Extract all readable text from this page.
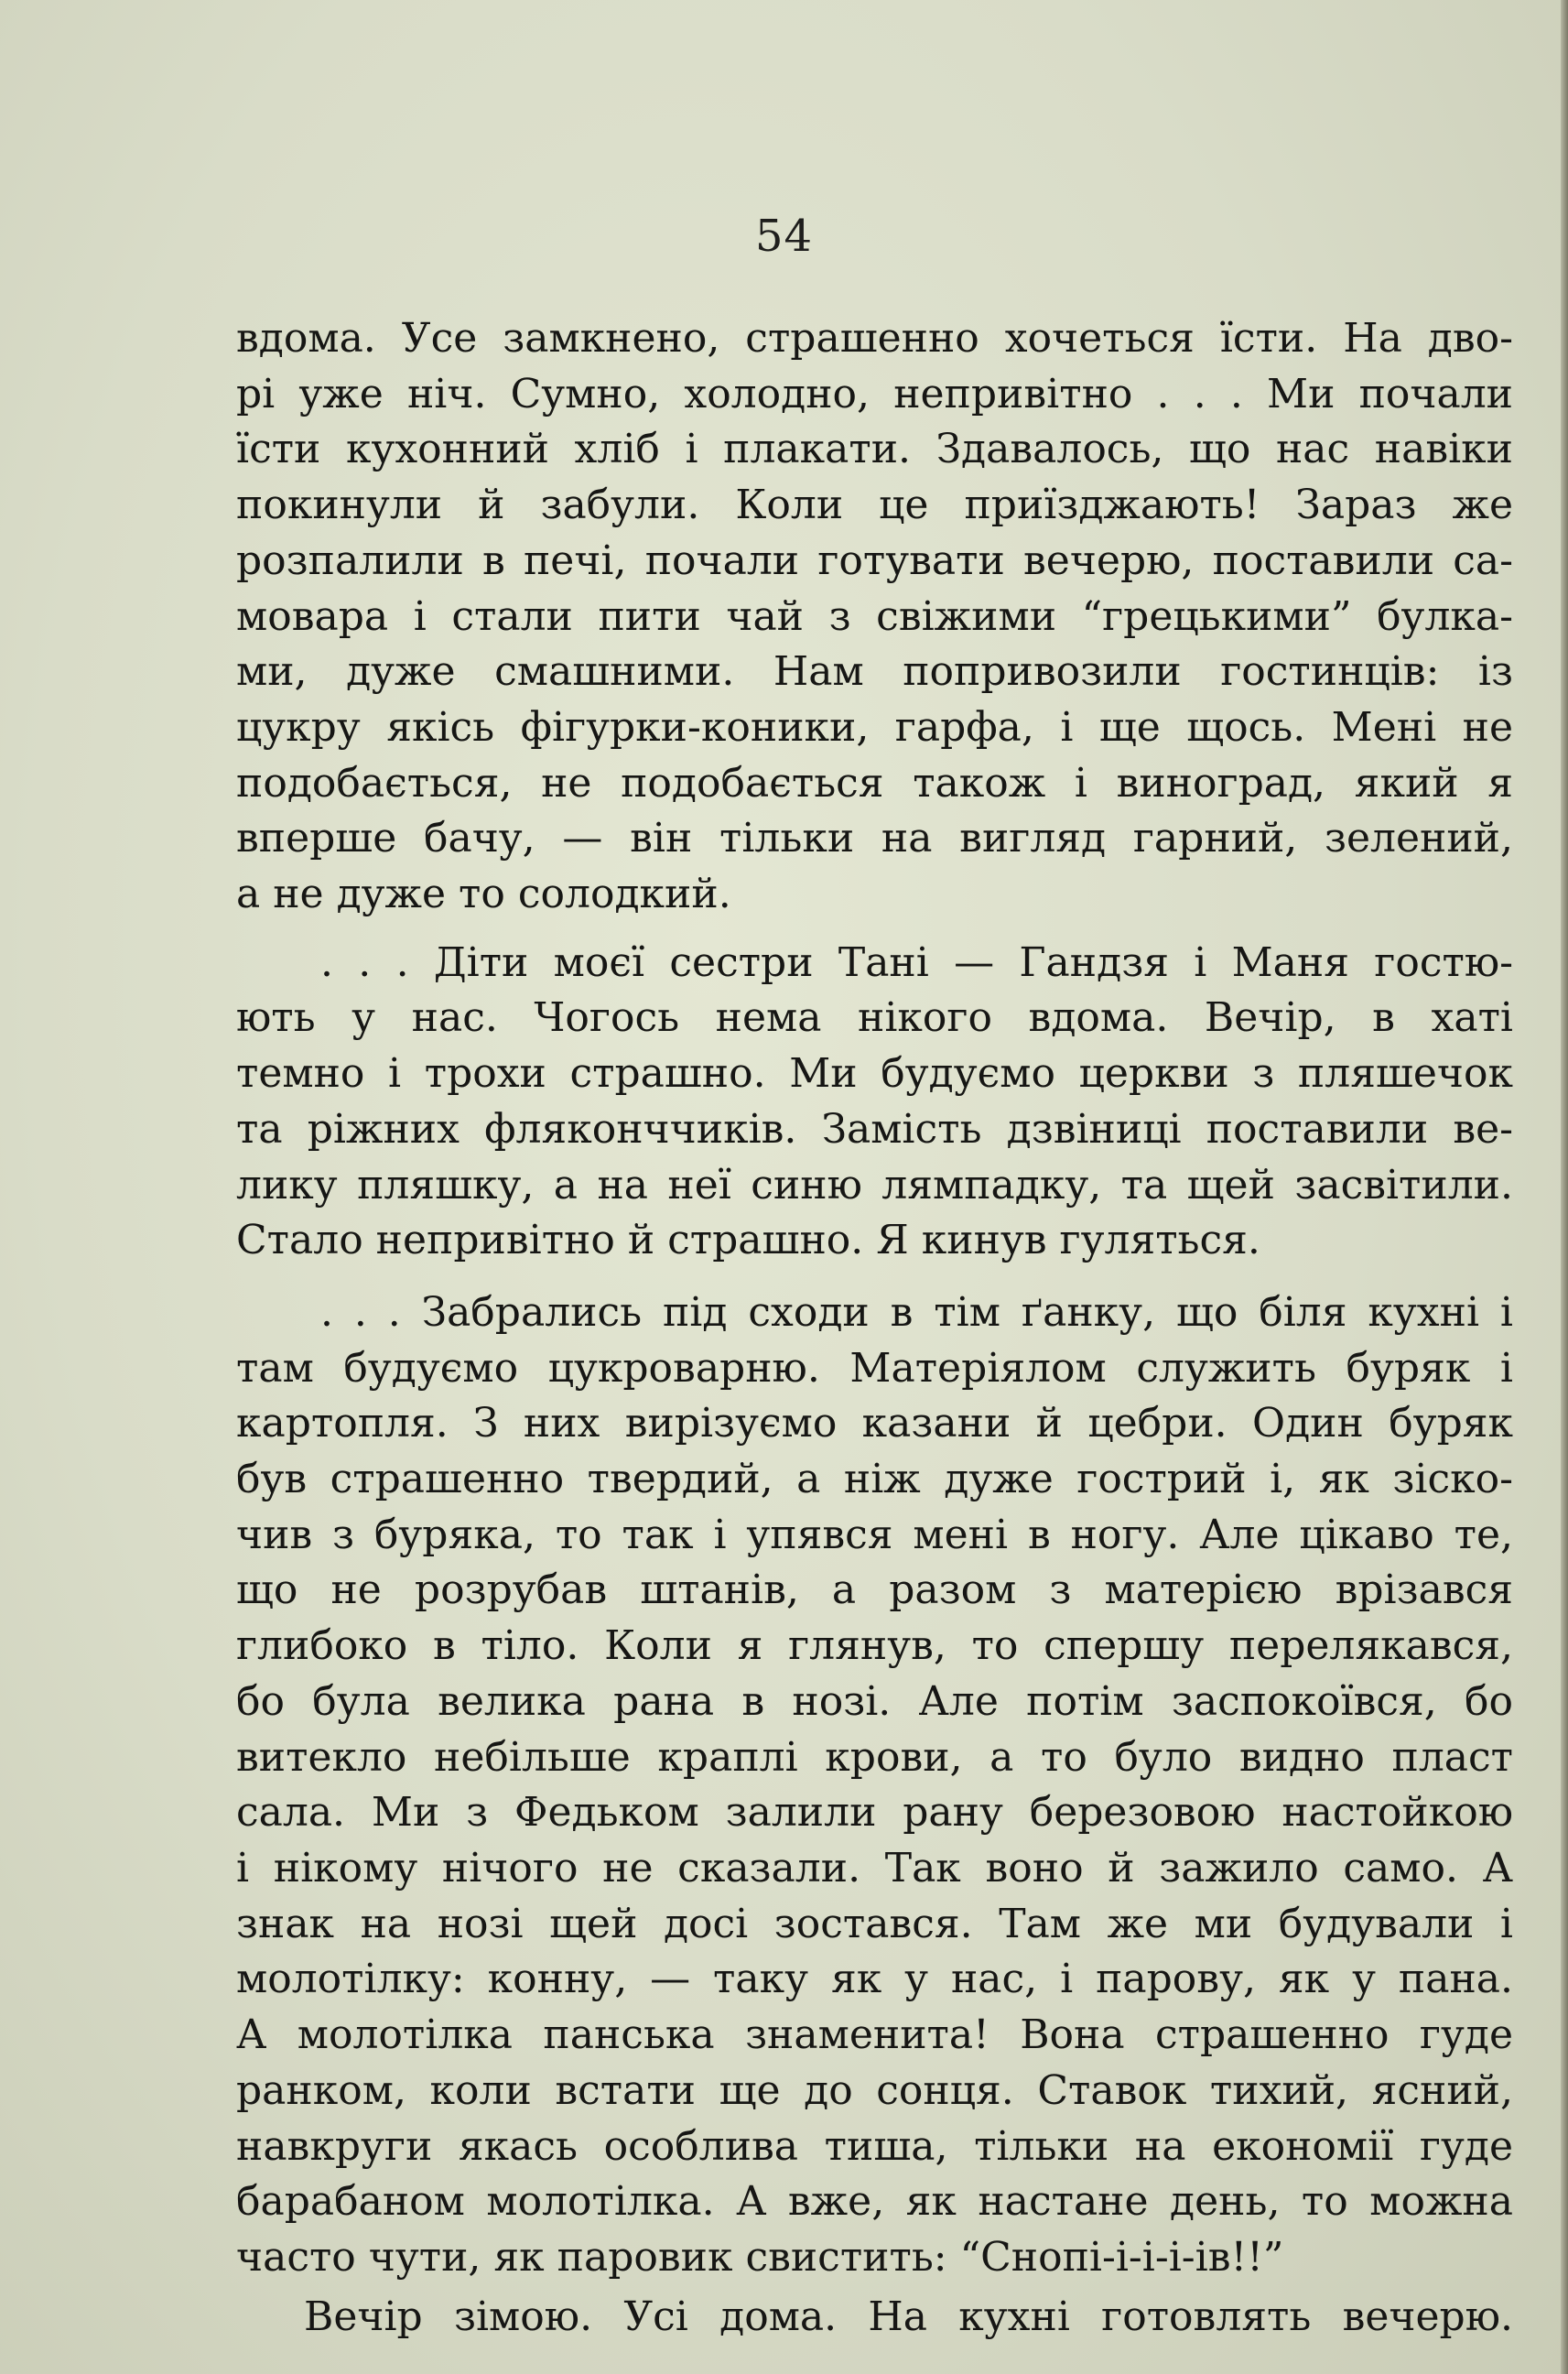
54

вдома. Усе замкнено, страшенно хочеться їсти. На дво-
рі уже ніч. Сумно, холодно, непривітно . . . Ми почали
їсти кухонний хліб і плакати. Здавалось, що нас навіки
покинули й забули. Коли це приїзджають! Зараз же
розпалили в печі, почали готувати вечерю, поставили са-
мовара і стали пити чай з свіжими “грецькими” булка-
ми, дуже смашними. Нам попривозили гостинців: із
цукру якісь фігурки-коники, гарфа, і ще щось. Мені не
подобається, не подобається також і виноград, який я
вперше бачу, — він тільки на вигляд гарний, зелений,
а не дуже то солодкий.

. . . Діти моєї сестри Тані — Гандзя і Маня гостю-
ють у нас. Чогось нема нікого вдома. Вечір, в хаті
темно і трохи страшно. Ми будуємо церкви з пляшечок
та ріжних фляконччиків. Замість дзвіниці поставили ве-
лику пляшку, а на неї синю лямпадку, та щей засвітили.
Стало непривітно й страшно. Я кинув гуляться.

. . . Забрались під сходи в тім ґанку, що біля кухні і
там будуємо цукроварню. Матеріялом служить буряк і
картопля. З них вирізуємо казани й цебри. Один буряк
був страшенно твердий, а ніж дуже гострий і, як зіско-
чив з буряка, то так і упявся мені в ногу. Але цікаво те,
що не розрубав штанів, а разом з матерією врізався
глибоко в тіло. Коли я глянув, то спершу перелякався,
бо була велика рана в нозі. Але потім заспокоївся, бо
витекло небільше краплі крови, а то було видно пласт
сала. Ми з Федьком залили рану березовою настойкою
і нікому нічого не сказали. Так воно й зажило само. А
знак на нозі щей досі зостався. Там же ми будували і
молотілку: конну, — таку як у нас, і парову, як у пана.
А молотілка панська знаменита! Вона страшенно гуде
ранком, коли встати ще до сонця. Ставок тихий, ясний,
навкруги якась особлива тиша, тільки на економії гуде
барабаном молотілка. А вже, як настане день, то можна
часто чути, як паровик свистить: “Снопі-і-і-і-ів!!”

Вечір зімою. Усі дома. На кухні готовлять вечерю.
